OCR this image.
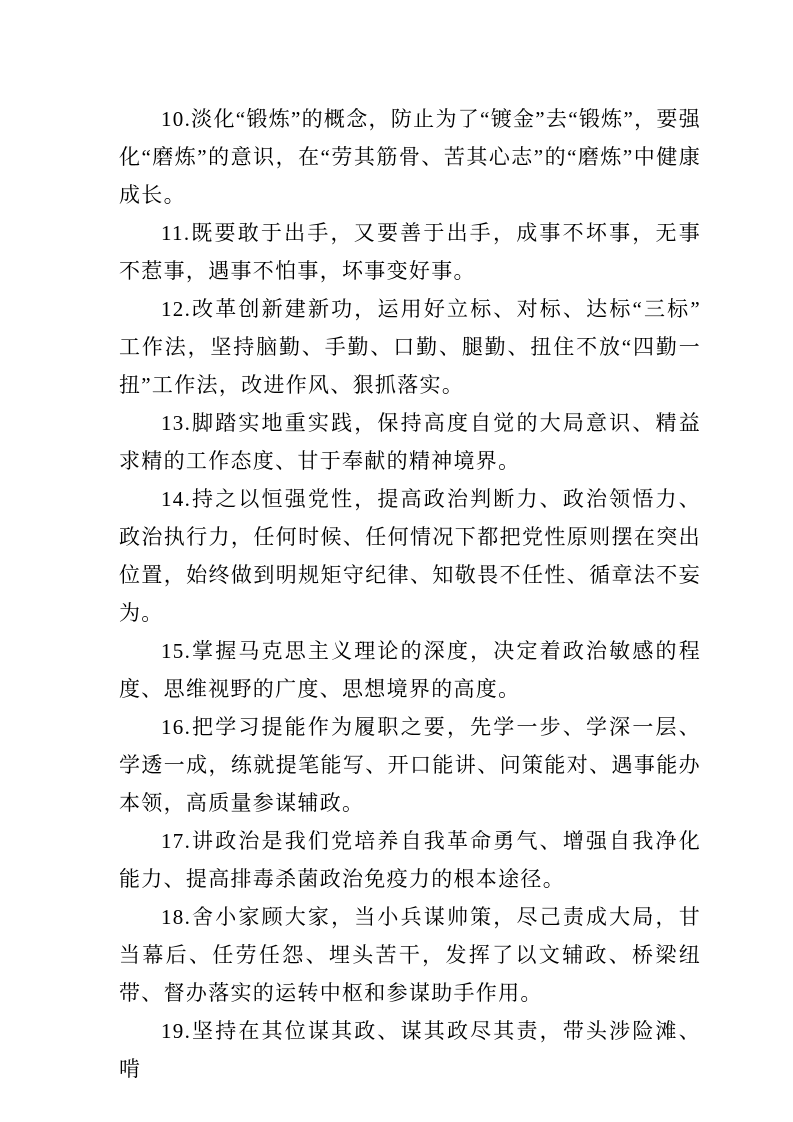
10.淡化“锻炼”的概念，防止为了“镀金”去“锻炼”，要强化“磨炼”的意识，在“劳其筋骨、苦其心志”的“磨炼”中健康成长。

11.既要敢于出手，又要善于出手，成事不坏事，无事不惹事，遇事不怕事，坏事变好事。

12.改革创新建新功，运用好立标、对标、达标“三标”工作法，坚持脑勤、手勤、口勤、腿勤、扭住不放“四勤一扭”工作法，改进作风、狠抓落实。

13.脚踏实地重实践，保持高度自觉的大局意识、精益求精的工作态度、甘于奉献的精神境界。

14.持之以恒强党性，提高政治判断力、政治领悟力、政治执行力，任何时候、任何情况下都把党性原则摆在突出位置，始终做到明规矩守纪律、知敬畏不任性、循章法不妄为。

15.掌握马克思主义理论的深度，决定着政治敏感的程度、思维视野的广度、思想境界的高度。

16.把学习提能作为履职之要，先学一步、学深一层、学透一成，练就提笔能写、开口能讲、问策能对、遇事能办本领，高质量参谋辅政。

17.讲政治是我们党培养自我革命勇气、增强自我净化能力、提高排毒杀菌政治免疫力的根本途径。

18.舍小家顾大家，当小兵谋帅策，尽己责成大局，甘当幕后、任劳任怨、埋头苦干，发挥了以文辅政、桥梁纽带、督办落实的运转中枢和参谋助手作用。

19.坚持在其位谋其政、谋其政尽其责，带头涉险滩、啃
